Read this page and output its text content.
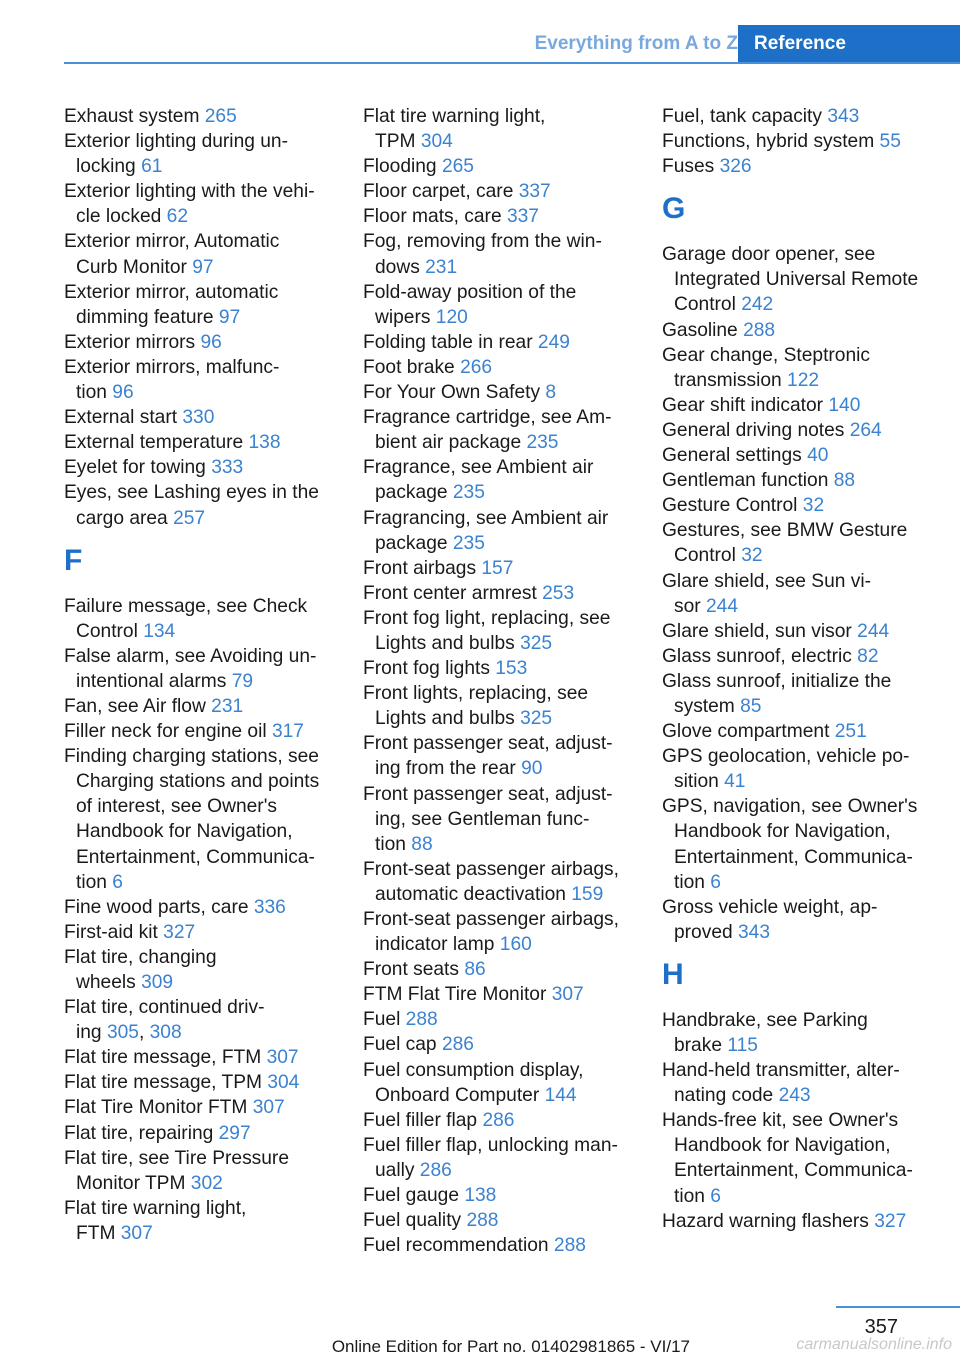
Everything from A to Z Reference
Exhaust system 265
Exterior lighting during un-
locking 61
Exterior lighting with the vehi-
cle locked 62
Exterior mirror, Automatic
Curb Monitor 97
Exterior mirror, automatic
dimming feature 97
Exterior mirrors 96
Exterior mirrors, malfunc-
tion 96
External start 330
External temperature 138
Eyelet for towing 333
Eyes, see Lashing eyes in the
cargo area 257
F
Failure message, see Check
Control 134
False alarm, see Avoiding un-
intentional alarms 79
Fan, see Air flow 231
Filler neck for engine oil 317
Finding charging stations, see
Charging stations and points
of interest, see Owner's
Handbook for Navigation,
Entertainment, Communica-
tion 6
Fine wood parts, care 336
First-aid kit 327
Flat tire, changing
wheels 309
Flat tire, continued driv-
ing 305, 308
Flat tire message, FTM 307
Flat tire message, TPM 304
Flat Tire Monitor FTM 307
Flat tire, repairing 297
Flat tire, see Tire Pressure
Monitor TPM 302
Flat tire warning light,
FTM 307
Flat tire warning light,
TPM 304
Flooding 265
Floor carpet, care 337
Floor mats, care 337
Fog, removing from the win-
dows 231
Fold-away position of the
wipers 120
Folding table in rear 249
Foot brake 266
For Your Own Safety 8
Fragrance cartridge, see Am-
bient air package 235
Fragrance, see Ambient air
package 235
Fragrancing, see Ambient air
package 235
Front airbags 157
Front center armrest 253
Front fog light, replacing, see
Lights and bulbs 325
Front fog lights 153
Front lights, replacing, see
Lights and bulbs 325
Front passenger seat, adjust-
ing from the rear 90
Front passenger seat, adjust-
ing, see Gentleman func-
tion 88
Front-seat passenger airbags,
automatic deactivation 159
Front-seat passenger airbags,
indicator lamp 160
Front seats 86
FTM Flat Tire Monitor 307
Fuel 288
Fuel cap 286
Fuel consumption display,
Onboard Computer 144
Fuel filler flap 286
Fuel filler flap, unlocking man-
ually 286
Fuel gauge 138
Fuel quality 288
Fuel recommendation 288
Fuel, tank capacity 343
Functions, hybrid system 55
Fuses 326
G
Garage door opener, see
Integrated Universal Remote
Control 242
Gasoline 288
Gear change, Steptronic
transmission 122
Gear shift indicator 140
General driving notes 264
General settings 40
Gentleman function 88
Gesture Control 32
Gestures, see BMW Gesture
Control 32
Glare shield, see Sun vi-
sor 244
Glare shield, sun visor 244
Glass sunroof, electric 82
Glass sunroof, initialize the
system 85
Glove compartment 251
GPS geolocation, vehicle po-
sition 41
GPS, navigation, see Owner's
Handbook for Navigation,
Entertainment, Communica-
tion 6
Gross vehicle weight, ap-
proved 343
H
Handbrake, see Parking
brake 115
Hand-held transmitter, alter-
nating code 243
Hands-free kit, see Owner's
Handbook for Navigation,
Entertainment, Communica-
tion 6
Hazard warning flashers 327
357
Online Edition for Part no. 01402981865 - VI/17	carmanualsonline.info
